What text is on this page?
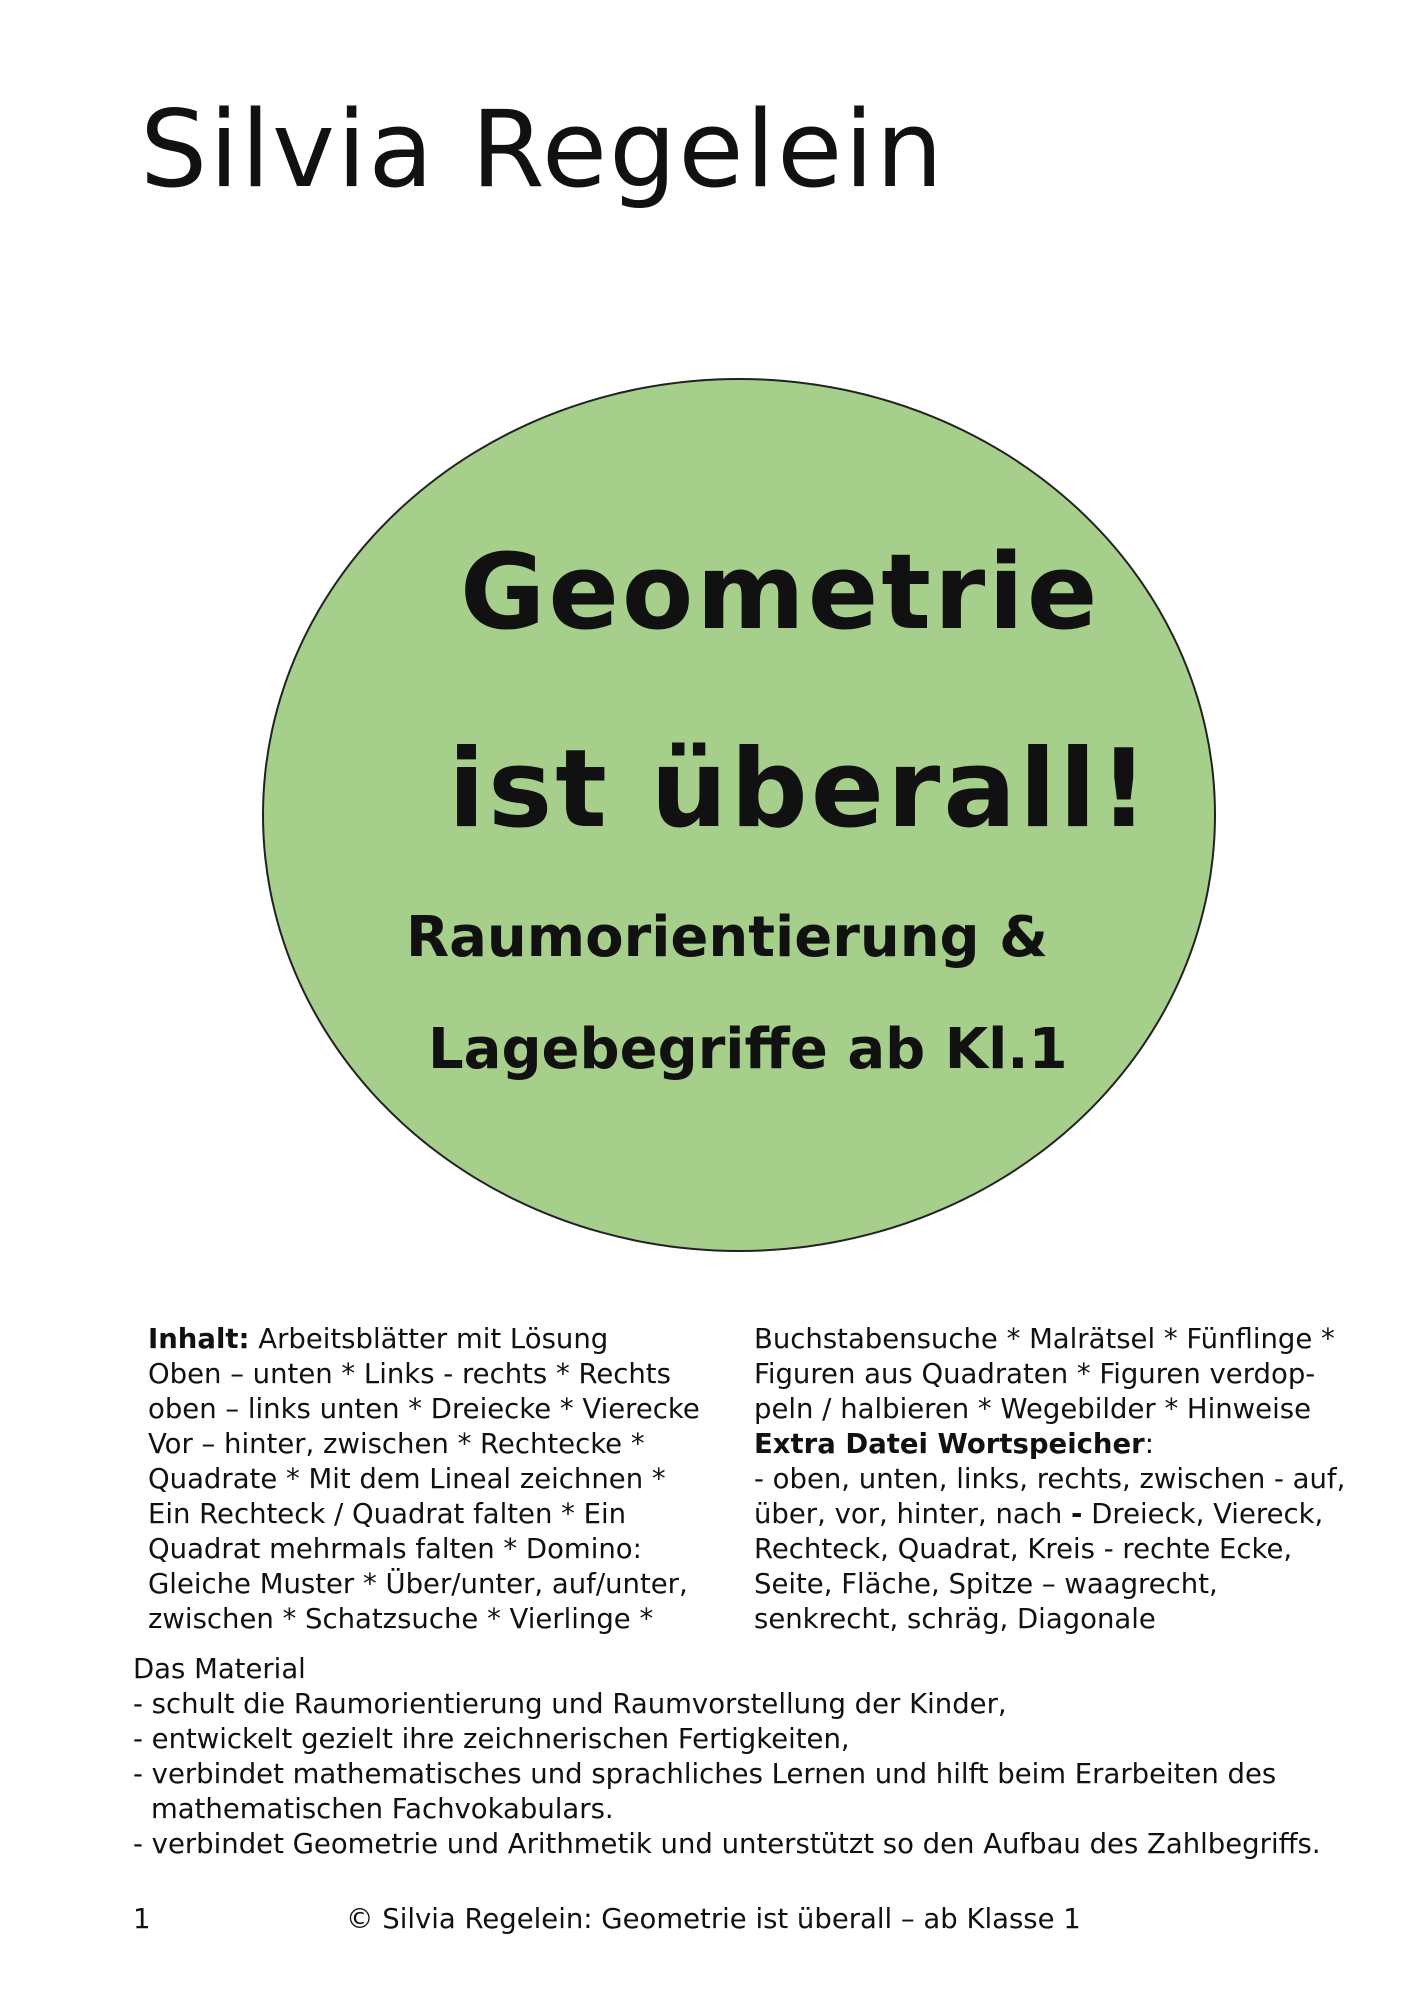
Silvia Regelein

Geometrie

ist überall!

Raumorientierung &

Lagebegriffe ab Kl.1

Inhalt: Arbeitsblätter mit Lösung
Oben – unten * Links - rechts * Rechts
oben – links unten * Dreiecke * Vierecke
Vor – hinter, zwischen * Rechtecke *
Quadrate * Mit dem Lineal zeichnen *
Ein Rechteck / Quadrat falten * Ein
Quadrat mehrmals falten * Domino:
Gleiche Muster * Über/unter, auf/unter,
zwischen * Schatzsuche * Vierlinge *
Buchstabensuche * Malrätsel * Fünflinge *
Figuren aus Quadraten * Figuren verdop-
peln / halbieren * Wegebilder * Hinweise
Extra Datei Wortspeicher:
- oben, unten, links, rechts, zwischen - auf,
über, vor, hinter, nach - Dreieck, Viereck,
Rechteck, Quadrat, Kreis - rechte Ecke,
Seite, Fläche, Spitze – waagrecht,
senkrecht, schräg, Diagonale
Das Material
- schult die Raumorientierung und Raumvorstellung der Kinder,
- entwickelt gezielt ihre zeichnerischen Fertigkeiten,
- verbindet mathematisches und sprachliches Lernen und hilft beim Erarbeiten des
mathematischen Fachvokabulars.
- verbindet Geometrie und Arithmetik und unterstützt so den Aufbau des Zahlbegriffs.
1	© Silvia Regelein: Geometrie ist überall – ab Klasse 1
